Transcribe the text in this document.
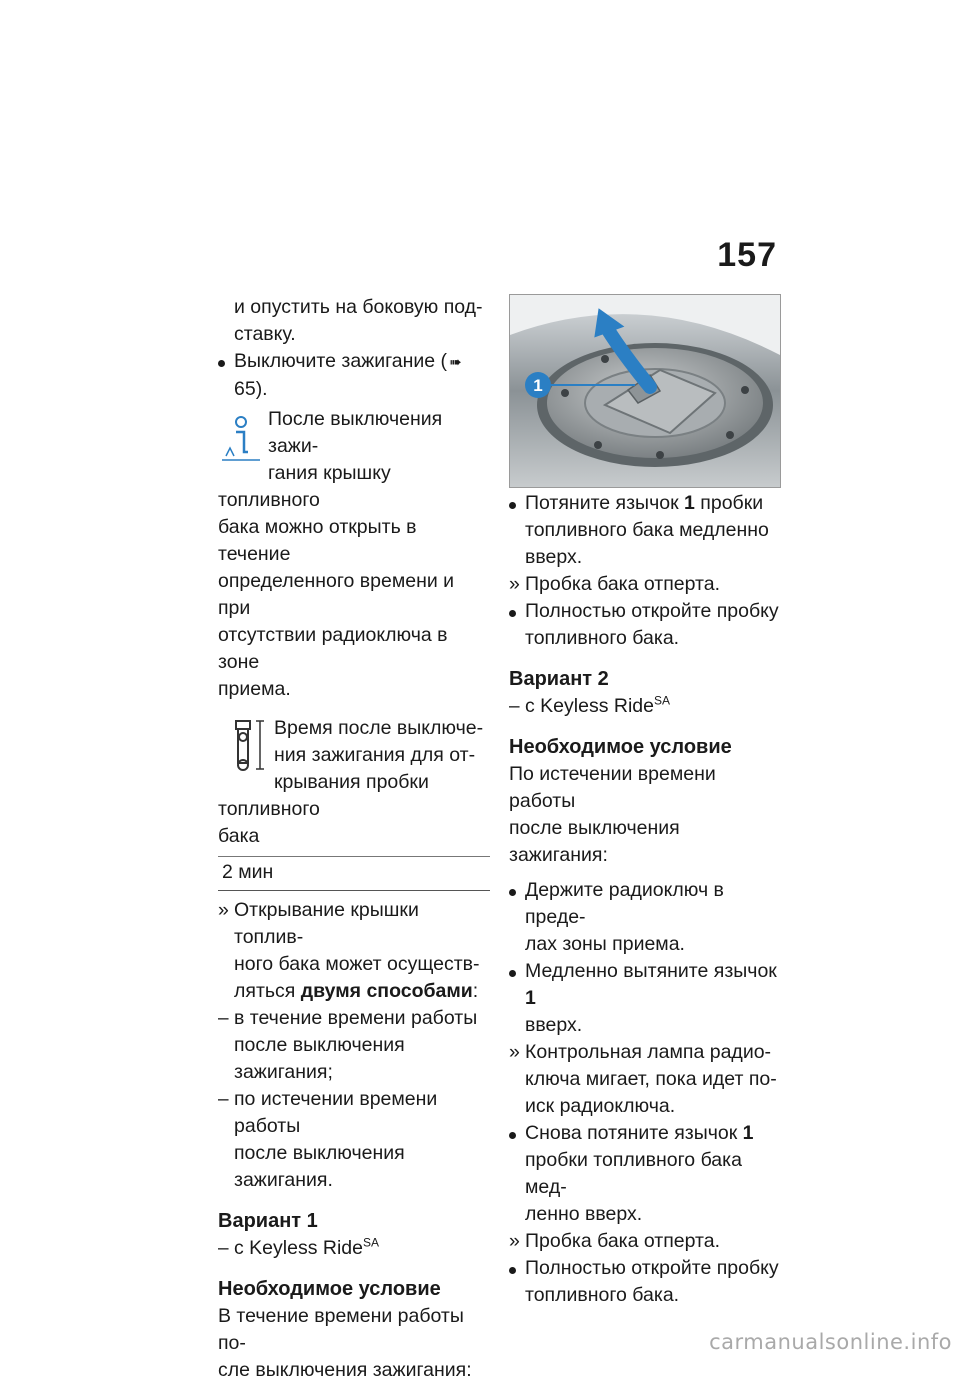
157
и опустить на боковую под-
ставку.
Выключите зажигание ( ➠65).
После выключения зажи-
гания крышку топливного
бака можно открыть в течение
определенного времени и при
отсутствии радиоключа в зоне
приема.
Время после выключе-
ния зажигания для от-
крывания пробки топливного
бака
2 мин
» Открывание крышки топлив-
ного бака может осуществ-
ляться двумя способами:
– в течение времени работы
после выключения зажигания;
– по истечении времени работы
после выключения зажигания.
Вариант 1
– с Keyless Ride$^{SA}$
Необходимое условие
В течение времени работы по-
сле выключения зажигания:
1
Потяните язычок 1 пробки
топливного бака медленно
вверх.
» Пробка бака отперта.
Полностью откройте пробку
топливного бака.
Вариант 2
– с Keyless Ride$^{SA}$
Необходимое условие
По истечении времени работы
после выключения зажигания:
Держите радиоключ в преде-
лах зоны приема.
Медленно вытяните язычок 1
вверх.
» Контрольная лампа радио-
ключа мигает, пока идет по-
иск радиоключа.
Снова потяните язычок 1
пробки топливного бака мед-
ленно вверх.
» Пробка бака отперта.
Полностью откройте пробку
топливного бака.
carmanualsonline.info
